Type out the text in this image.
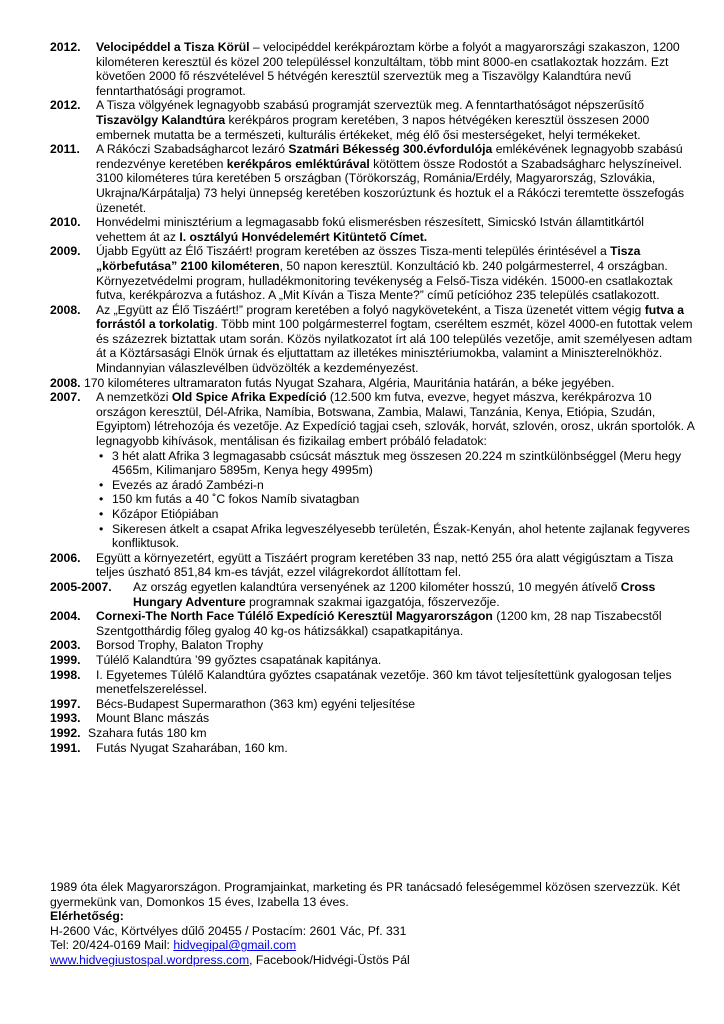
2012.	Velocipéddel a Tisza Körül – velocipéddel kerékpároztam körbe a folyót a magyarországi szakaszon, 1200 kilométeren keresztül és közel 200 településsel konzultáltam, több mint 8000-en csatlakoztak hozzám. Ezt követően 2000 fő részvételével 5 hétvégén keresztül szerveztük meg a Tiszavölgy Kalandtúra nevű fenntarthatósági programot.
2012.	A Tisza völgyének legnagyobb szabású programját szerveztük meg. A fenntarthatóságot népszerűsítő Tiszavölgy Kalandtúra kerékpáros program keretében, 3 napos hétvégéken keresztül összesen 2000 embernek mutatta be a természeti, kulturális értékeket, még élő ősi mesterségeket, helyi termékeket.
2011.	A Rákóczi Szabadságharcot lezáró Szatmári Békesség 300.évfordulója emlékévének legnagyobb szabású rendezvénye keretében kerékpáros emléktúrával kötöttem össze Rodostót a Szabadságharc helyszíneivel. 3100 kilométeres túra keretében 5 országban (Törökország, Románia/Erdély, Magyarország, Szlovákia, Ukrajna/Kárpátalja) 73 helyi ünnepség keretében koszorúztunk és hoztuk el a Rákóczi teremtette összefogás üzenetét.
2010.	Honvédelmi minisztérium a legmagasabb fokú elismerésben részesített, Simicskó István államtitkártól vehettem át az I. osztályú Honvédelemért Kitüntető Címet.
2009.	Újabb Együtt az Élő Tiszáért! program keretében az összes Tisza-menti település érintésével a Tisza „körbefutása” 2100 kilométeren, 50 napon keresztül. Konzultáció kb. 240 polgármesterrel, 4 országban. Környezetvédelmi program, hulladékmonitoring tevékenység a Felső-Tisza vidékén. 15000-en csatlakoztak futva, kerékpározva a futáshoz. A „Mit Kíván a Tisza Mente?” című petícióhoz 235 település csatlakozott.
2008.	Az „Együtt az Élő Tiszáért!” program keretében a folyó nagyköveteként, a Tisza üzenetét vittem végig futva a forrástól a torkolatig. Több mint 100 polgármesterrel fogtam, cseréltem eszmét, közel 4000-en futottak velem és százezrek biztattak utam során. Közös nyilatkozatot írt alá 100 település vezetője, amit személyesen adtam át a Köztársasági Elnök úrnak és eljuttattam az illetékes minisztériumokba, valamint a Miniszterelnökhöz. Mindannyian válaszlevélben üdvözölték a kezdeményezést.
2008. 170 kilométeres ultramaraton futás Nyugat Szahara, Algéria, Mauritánia határán, a béke jegyében.
2007.	A nemzetközi Old Spice Afrika Expedíció (12.500 km futva, evezve, hegyet mászva, kerékpározva 10 országon keresztül, Dél-Afrika, Namíbia, Botswana, Zambia, Malawi, Tanzánia, Kenya, Etiópia, Szudán, Egyiptom) létrehozója és vezetője. Az Expedíció tagjai cseh, szlovák, horvát, szlovén, orosz, ukrán sportolók. A legnagyobb kihívások, mentálisan és fizikailag embert próbáló feladatok:
• 3 hét alatt Afrika 3 legmagasabb csúcsát másztuk meg összesen 20.224 m szintkülönbséggel (Meru hegy 4565m, Kilimanjaro 5895m, Kenya hegy 4995m)
• Evezés az áradó Zambézi-n
• 150 km futás a 40 ˚C fokos Namíb sivatagban
• Kőzápor Etiópiában
• Sikeresen átkelt a csapat Afrika legveszélyesebb területén, Észak-Kenyán, ahol hetente zajlanak fegyveres konfliktusok.
2006.	Együtt a környezetért, együtt a Tiszáért program keretében 33 nap, nettó 255 óra alatt végigúsztam a Tisza teljes úszható 851,84 km-es távját, ezzel világrekordot állítottam fel.
2005-2007.	Az ország egyetlen kalandtúra versenyének az 1200 kilométer hosszú, 10 megyén átívelő Cross Hungary Adventure programnak szakmai igazgatója, főszervezője.
2004.	Cornexi-The North Face Túlélő Expedíció Keresztül Magyarországon (1200 km, 28 nap Tiszabecstől Szentgotthárdig főleg gyalog 40 kg-os hátizsákkal) csapatkapitánya.
2003.	Borsod Trophy, Balaton Trophy
1999.	Túlélő Kalandtúra ’99 győztes csapatának kapitánya.
1998.	I. Egyetemes Túlélő Kalandtúra győztes csapatának vezetője. 360 km távot teljesítettünk gyalogosan teljes menetfelszereléssel.
1997.	Bécs-Budapest Supermarathon (363 km) egyéni teljesítése
1993.	Mount Blanc mászás
1992. Szahara futás 180 km
1991.	Futás Nyugat Szaharában, 160 km.
1989 óta élek Magyarországon. Programjainkat, marketing és PR tanácsadó feleségemmel közösen szervezzük. Két gyermekünk van, Domonkos 15 éves, Izabella 13 éves.
Elérhetőség:
H-2600 Vác, Körtvélyes dűlő 20455 / Postacím: 2601 Vác, Pf. 331
Tel: 20/424-0169 Mail: hidvegipal@gmail.com
www.hidvegiustospal.wordpress.com, Facebook/Hidvégi-Üstös Pál
